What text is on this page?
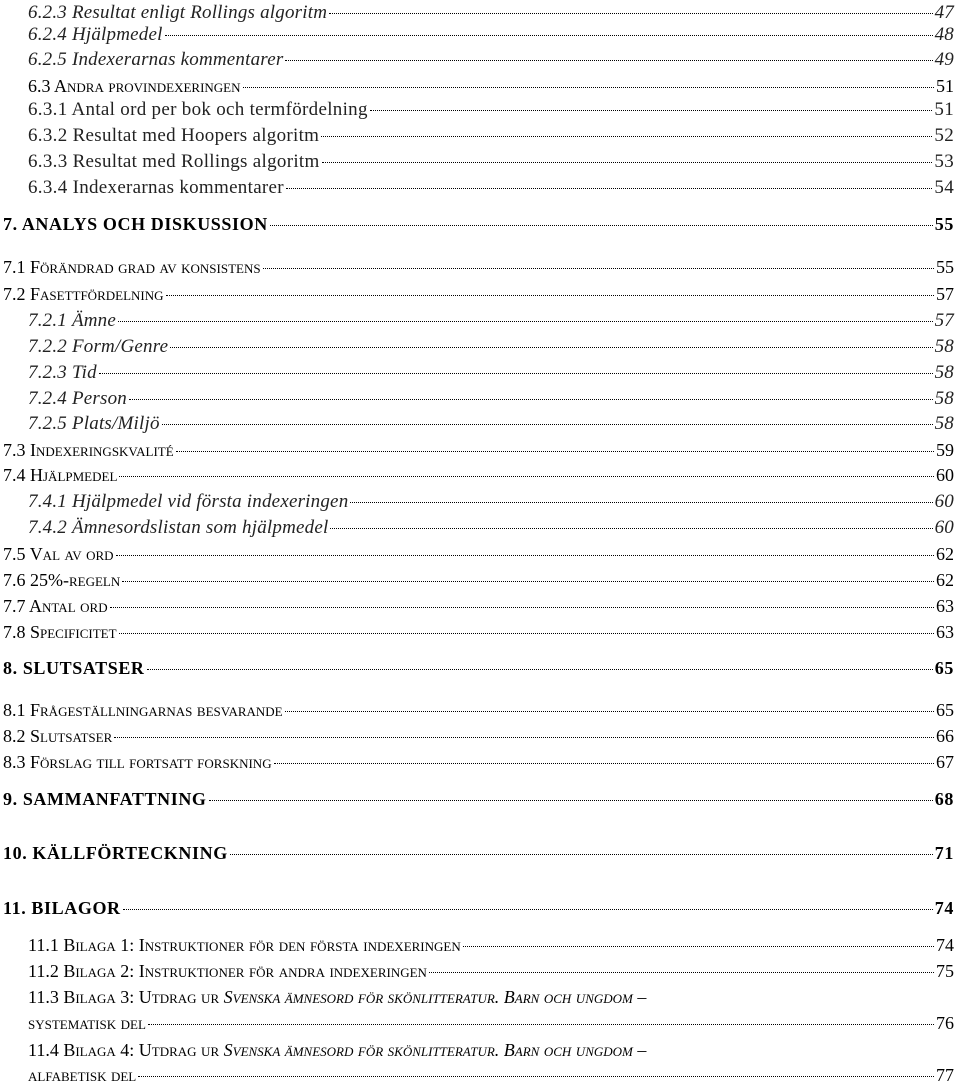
6.2.3 Resultat enligt Rollings algoritm	47
6.2.4 Hjälpmedel	48
6.2.5 Indexerarnas kommentarer	49
6.3 Andra provindexeringen	51
6.3.1 Antal ord per bok och termfördelning	51
6.3.2 Resultat med Hoopers algoritm	52
6.3.3 Resultat med Rollings algoritm	53
6.3.4 Indexerarnas kommentarer	54
7. ANALYS OCH DISKUSSION	55
7.1 Förändrad grad av konsistens	55
7.2 Fasettfördelning	57
7.2.1 Ämne	57
7.2.2 Form/Genre	58
7.2.3 Tid	58
7.2.4 Person	58
7.2.5 Plats/Miljö	58
7.3 Indexeringskvalité	59
7.4 Hjälpmedel	60
7.4.1 Hjälpmedel vid första indexeringen	60
7.4.2 Ämnesordslistan som hjälpmedel	60
7.5 Val av ord	62
7.6 25%-regeln	62
7.7 Antal ord	63
7.8 Specificitet	63
8. SLUTSATSER	65
8.1 Frågeställningarnas besvarande	65
8.2 Slutsatser	66
8.3 Förslag till fortsatt forskning	67
9. SAMMANFATTNING	68
10. KÄLLFÖRTECKNING	71
11. BILAGOR	74
11.1 Bilaga 1: Instruktioner för den första indexeringen	74
11.2 Bilaga 2: Instruktioner för andra indexeringen	75
11.3 Bilaga 3: Utdrag ur Svenska ämnesord för skönlitteratur. Barn och ungdom –
systematisk del	76
11.4 Bilaga 4: Utdrag ur Svenska ämnesord för skönlitteratur. Barn och ungdom –
alfabetisk del	77
